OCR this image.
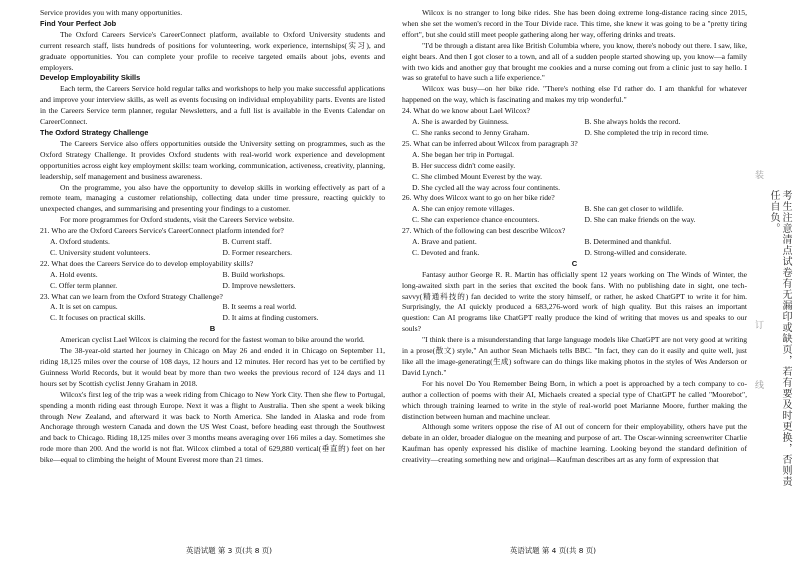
Service provides you with many opportunities.

Find Your Perfect Job

The Oxford Careers Service's CareerConnect platform, available to Oxford University students and current research staff, lists hundreds of positions for volunteering, work experience, internships(实习), and graduate opportunities. You can complete your profile to receive targeted emails about jobs, events and employers.

Develop Employability Skills

Each term, the Careers Service hold regular talks and workshops to help you make successful applications and improve your interview skills, as well as events focusing on individual employability parts. Events are listed in the Careers Service term planner, regular Newsletters, and a full list is available in the Events Calendar on CareerConnect.

The Oxford Strategy Challenge

The Careers Service also offers opportunities outside the University setting on programmes, such as the Oxford Strategy Challenge. It provides Oxford students with real-world work experience and development opportunities across eight key employment skills: team working, communication, activeness, creativity, planning, leadership, self management and business awareness.

On the programme, you also have the opportunity to develop skills in working effectively as part of a remote team, managing a customer relationship, collecting data under time pressure, reacting quickly to unexpected changes, and summarising and presenting your findings to a customer.

For more programmes for Oxford students, visit the Careers Service website.

21. Who are the Oxford Careers Service's CareerConnect platform intended for?

A. Oxford students.	B. Current staff.
C. University student volunteers.	D. Former researchers.

22. What does the Careers Service do to develop employability skills?

A. Hold events.	B. Build workshops.
C. Offer term planner.	D. Improve newsletters.

23. What can we learn from the Oxford Strategy Challenge?

A. It is set on campus.	B. It seems a real world.
C. It focuses on practical skills.	D. It aims at finding customers.

B

American cyclist Lael Wilcox is claiming the record for the fastest woman to bike around the world.

The 38-year-old started her journey in Chicago on May 26 and ended it in Chicago on September 11, riding 18,125 miles over the course of 108 days, 12 hours and 12 minutes. Her record has yet to be certified by Guinness World Records, but it would beat by more than two weeks the previous record of 124 days and 11 hours set by Scottish cyclist Jenny Graham in 2018.

Wilcox's first leg of the trip was a week riding from Chicago to New York City. Then she flew to Portugal, spending a month riding east through Europe. Next it was a flight to Australia. Then she spent a week biking through New Zealand, and afterward it was back to North America. She landed in Alaska and rode from Anchorage through western Canada and down the US West Coast, before heading east through the Southwest and back to Chicago. Riding 18,125 miles over 3 months means averaging over 166 miles a day. Sometimes she rode more than 200. And the world is not flat. Wilcox climbed a total of 629,880 vertical(垂直的) feet on her bike—equal to climbing the height of Mount Everest more than 21 times.

Wilcox is no stranger to long bike rides. She has been doing extreme long-distance racing since 2015, when she set the women's record in the Tour Divide race. This time, she knew it was going to be a "pretty tiring effort", but she could still meet people gathering along her way, offering drinks and treats.

"I'd be through a distant area like British Columbia where, you know, there's nobody out there. I saw, like, eight bears. And then I got closer to a town, and all of a sudden people started showing up, you know—a family with two kids and another guy that brought me cookies and a nurse coming out from a clinic just to say hello. I was so grateful to have such a life experience."

Wilcox was busy—on her bike ride. "There's nothing else I'd rather do. I am thankful for whatever happened on the way, which is fascinating and makes my trip wonderful."

24. What do we know about Lael Wilcox?

A. She is awarded by Guinness.	B. She always holds the record.
C. She ranks second to Jenny Graham.	D. She completed the trip in record time.

25. What can be inferred about Wilcox from paragraph 3?

A. She began her trip in Portugal.

B. Her success didn't come easily.

C. She climbed Mount Everest by the way.

D. She cycled all the way across four continents.

26. Why does Wilcox want to go on her bike ride?

A. She can enjoy remote villages.	B. She can get closer to wildlife.
C. She can experience chance encounters.	D. She can make friends on the way.

27. Which of the following can best describe Wilcox?

A. Brave and patient.	B. Determined and thankful.
C. Devoted and frank.	D. Strong-willed and considerate.

C

Fantasy author George R. R. Martin has officially spent 12 years working on The Winds of Winter, the long-awaited sixth part in the series that excited the book fans. With no publishing date in sight, one tech-savvy(精通科技的) fan decided to write the story himself, or rather, he asked ChatGPT to write it for him. Surprisingly, the AI quickly produced a 683,276-word work of high quality. But this raises an important question: Can AI programs like ChatGPT really produce the kind of writing that moves us and speaks to our souls?

"I think there is a misunderstanding that large language models like ChatGPT are not very good at writing in a prose(散文) style," An author Sean Michaels tells BBC. "In fact, they can do it easily and quite well, just like all the image-generating(生成) software can do things like making photos in the styles of Wes Anderson or David Lynch."

For his novel Do You Remember Being Born, in which a poet is approached by a tech company to co-author a collection of poems with their AI, Michaels created a special type of ChatGPT he called "Moorebot", which through training learned to write in the style of real-world poet Marianne Moore, further making the distinction between human and machine unclear.

Although some writers oppose the rise of AI out of concern for their employability, others have put the debate in an older, broader dialogue on the meaning and purpose of art. The Oscar-winning screenwriter Charlie Kaufman has openly expressed his dislike of machine learning. Looking beyond the standard definition of creativity—creating something new and original—Kaufman describes art as any form of expression that

英语试题 第 3 页(共 8 页)	英语试题 第 4 页(共 8 页)
装
订
线	考生注意清点试卷有无漏印或缺页，若有要及时更换，否则责任自负。
